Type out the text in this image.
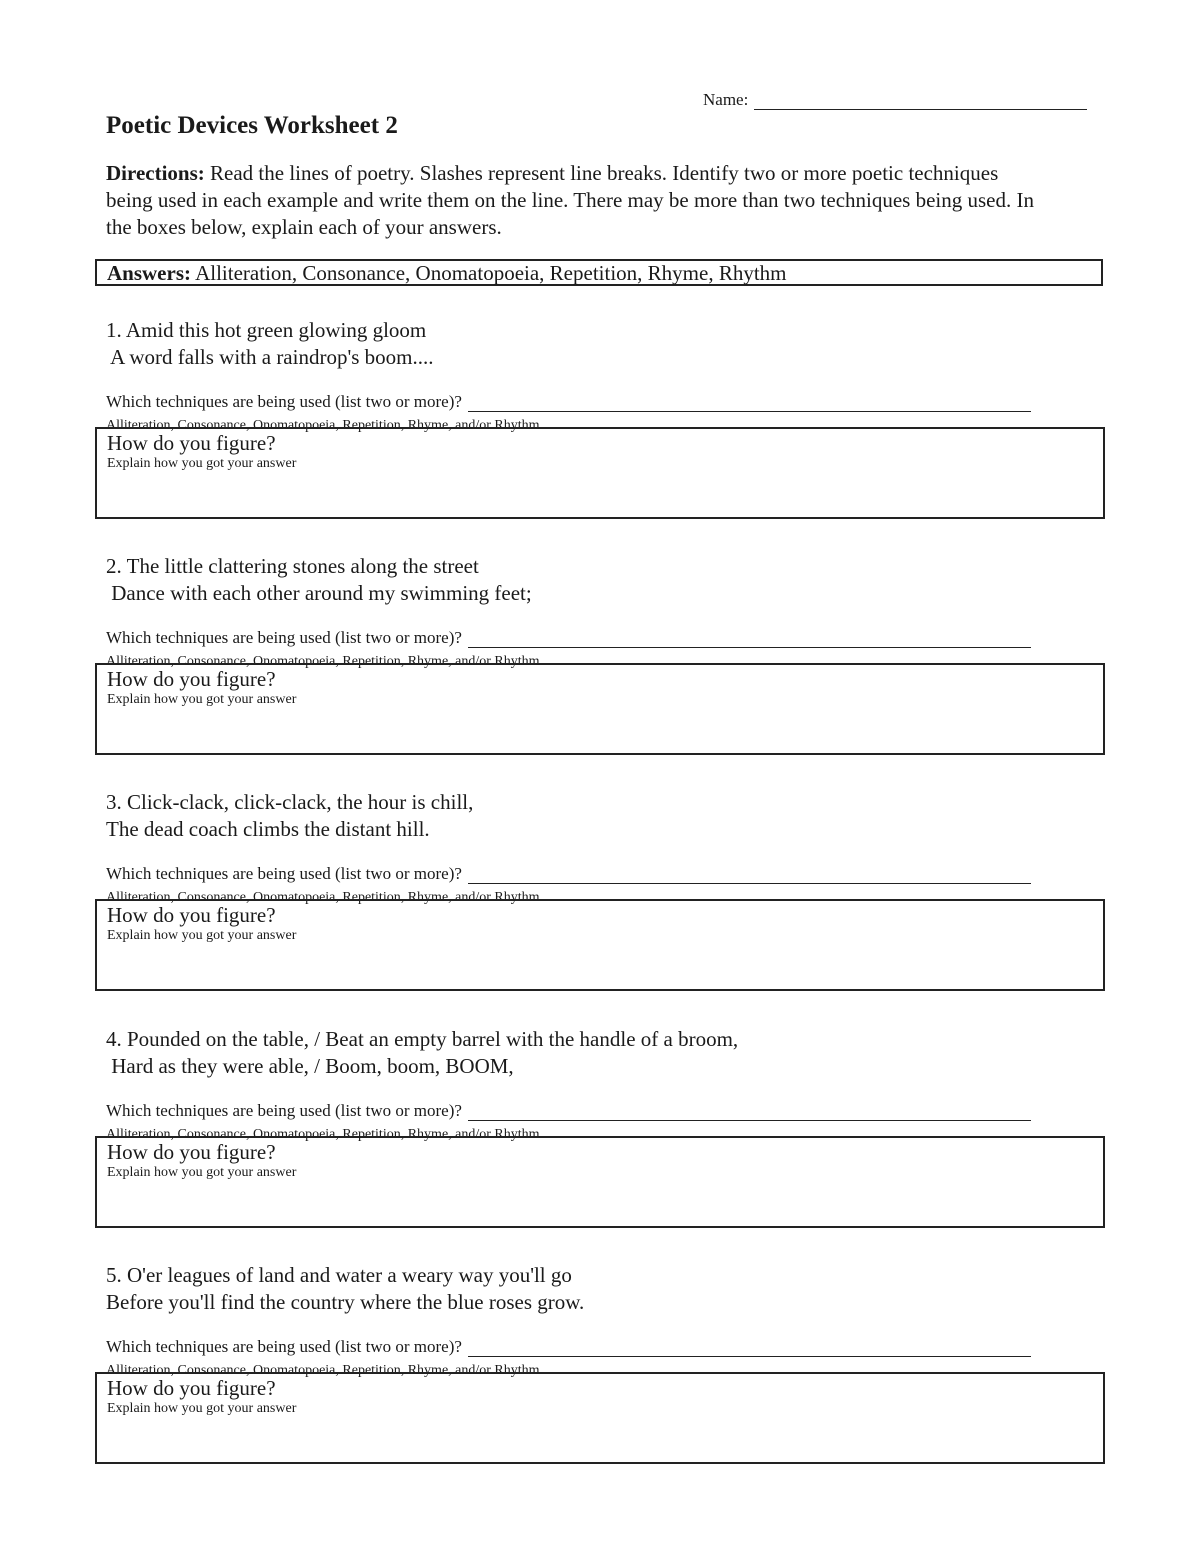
Name:
Poetic Devices Worksheet 2
Directions: Read the lines of poetry. Slashes represent line breaks. Identify two or more poetic techniques being used in each example and write them on the line. There may be more than two techniques being used. In the boxes below, explain each of your answers.
Answers: Alliteration, Consonance, Onomatopoeia, Repetition, Rhyme, Rhythm
1. Amid this hot green glowing gloom
A word falls with a raindrop's boom....
Which techniques are being used (list two or more)?
Alliteration, Consonance, Onomatopoeia, Repetition, Rhyme, and/or Rhythm
How do you figure?
Explain how you got your answer
2. The little clattering stones along the street
Dance with each other around my swimming feet;
Which techniques are being used (list two or more)?
Alliteration, Consonance, Onomatopoeia, Repetition, Rhyme, and/or Rhythm
How do you figure?
Explain how you got your answer
3. Click-clack, click-clack, the hour is chill,
The dead coach climbs the distant hill.
Which techniques are being used (list two or more)?
Alliteration, Consonance, Onomatopoeia, Repetition, Rhyme, and/or Rhythm
How do you figure?
Explain how you got your answer
4. Pounded on the table, / Beat an empty barrel with the handle of a broom,
Hard as they were able, / Boom, boom, BOOM,
Which techniques are being used (list two or more)?
Alliteration, Consonance, Onomatopoeia, Repetition, Rhyme, and/or Rhythm
How do you figure?
Explain how you got your answer
5. O'er leagues of land and water a weary way you'll go
Before you'll find the country where the blue roses grow.
Which techniques are being used (list two or more)?
Alliteration, Consonance, Onomatopoeia, Repetition, Rhyme, and/or Rhythm
How do you figure?
Explain how you got your answer
